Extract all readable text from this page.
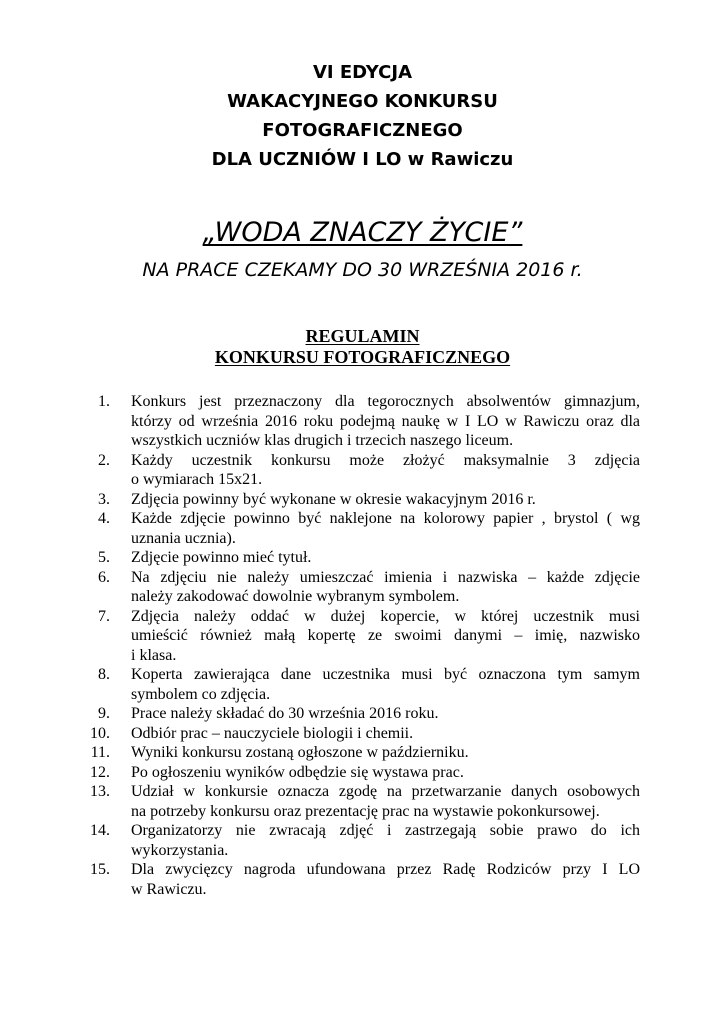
VI EDYCJA
WAKACYJNEGO KONKURSU
FOTOGRAFICZNEGO
DLA UCZNIÓW I LO w Rawiczu
„WODA ZNACZY ŻYCIE”
NA PRACE CZEKAMY DO 30 WRZEŚNIA 2016 r.
REGULAMIN
KONKURSU FOTOGRAFICZNEGO
1. Konkurs jest przeznaczony dla tegorocznych absolwentów gimnazjum,
którzy od września 2016 roku podejmą naukę w I LO w Rawiczu oraz dla
wszystkich uczniów klas drugich i trzecich naszego liceum.
2. Każdy uczestnik konkursu może złożyć maksymalnie 3 zdjęcia
o wymiarach 15x21.
3. Zdjęcia powinny być wykonane w okresie wakacyjnym 2016 r.
4. Każde zdjęcie powinno być naklejone na kolorowy papier , brystol ( wg
uznania ucznia).
5. Zdjęcie powinno mieć tytuł.
6. Na zdjęciu nie należy umieszczać imienia i nazwiska – każde zdjęcie
należy zakodować dowolnie wybranym symbolem.
7. Zdjęcia należy oddać w dużej kopercie, w której uczestnik musi
umieścić również małą kopertę ze swoimi danymi – imię, nazwisko
i klasa.
8. Koperta zawierająca dane uczestnika musi być oznaczona tym samym
symbolem co zdjęcia.
9. Prace należy składać do 30 września 2016 roku.
10. Odbiór prac – nauczyciele biologii i chemii.
11. Wyniki konkursu zostaną ogłoszone w październiku.
12. Po ogłoszeniu wyników odbędzie się wystawa prac.
13. Udział w konkursie oznacza zgodę na przetwarzanie danych osobowych
na potrzeby konkursu oraz prezentację prac na wystawie pokonkursowej.
14. Organizatorzy nie zwracają zdjęć i zastrzegają sobie prawo do ich
wykorzystania.
15. Dla zwycięzcy nagroda ufundowana przez Radę Rodziców przy I LO
w Rawiczu.
